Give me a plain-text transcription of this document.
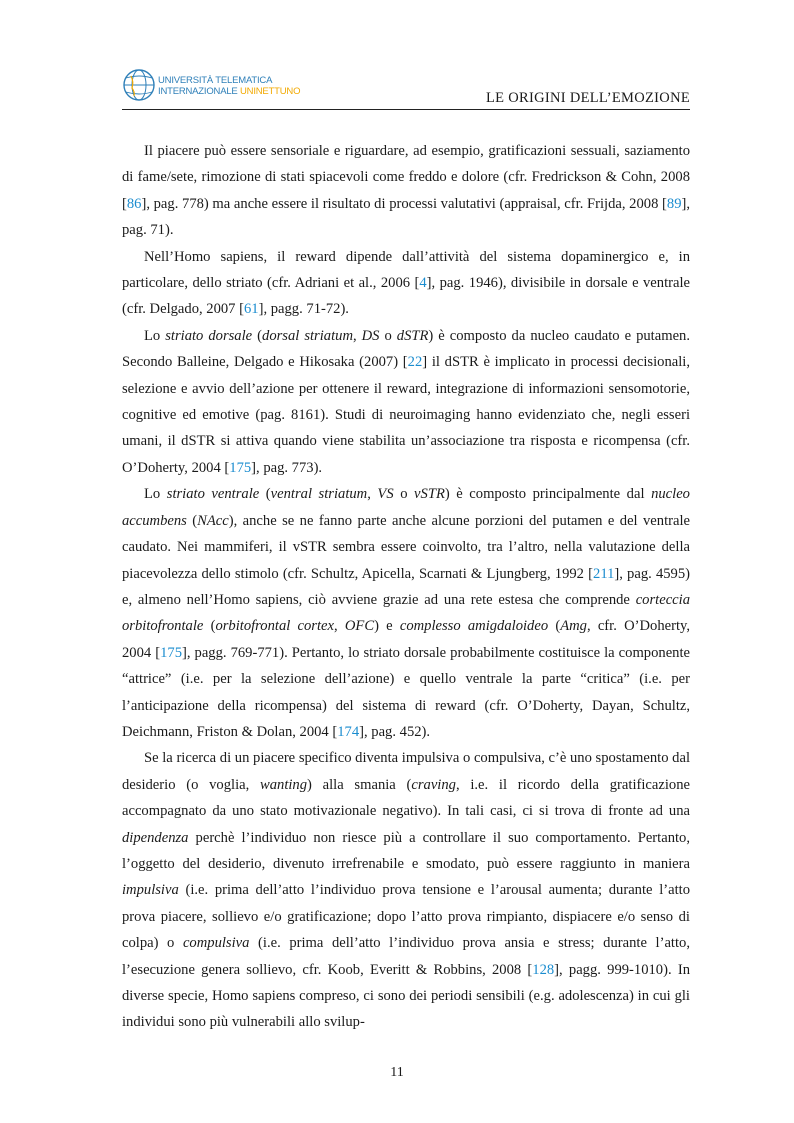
UNIVERSITÀ TELEMATICA
INTERNAZIONALE UNINETTUNO	LE ORIGINI DELL’EMOZIONE

Il piacere può essere sensoriale e riguardare, ad esempio, gratificazioni sessuali, saziamento di fame/sete, rimozione di stati spiacevoli come freddo e dolore (cfr. Fredrickson & Cohn, 2008 [86], pag. 778) ma anche essere il risultato di processi valutativi (appraisal, cfr. Frijda, 2008 [89], pag. 71).

Nell’Homo sapiens, il reward dipende dall’attività del sistema dopaminergico e, in particolare, dello striato (cfr. Adriani et al., 2006 [4], pag. 1946), divisibile in dorsale e ventrale (cfr. Delgado, 2007 [61], pagg. 71-72).

Lo striato dorsale (dorsal striatum, DS o dSTR) è composto da nucleo caudato e putamen. Secondo Balleine, Delgado e Hikosaka (2007) [22] il dSTR è implicato in processi decisionali, selezione e avvio dell’azione per ottenere il reward, integrazione di informazioni sensomotorie, cognitive ed emotive (pag. 8161). Studi di neuroimaging hanno evidenziato che, negli esseri umani, il dSTR si attiva quando viene stabilita un’associazione tra risposta e ricompensa (cfr. O’Doherty, 2004 [175], pag. 773).

Lo striato ventrale (ventral striatum, VS o vSTR) è composto principalmente dal nucleo accumbens (NAcc), anche se ne fanno parte anche alcune porzioni del putamen e del ventrale caudato. Nei mammiferi, il vSTR sembra essere coinvolto, tra l’altro, nella valutazione della piacevolezza dello stimolo (cfr. Schultz, Apicella, Scarnati & Ljungberg, 1992 [211], pag. 4595) e, almeno nell’Homo sapiens, ciò avviene grazie ad una rete estesa che comprende corteccia orbitofrontale (orbitofrontal cortex, OFC) e complesso amigdaloideo (Amg, cfr. O’Doherty, 2004 [175], pagg. 769-771). Pertanto, lo striato dorsale probabilmente costituisce la componente “attrice” (i.e. per la selezione dell’azione) e quello ventrale la parte “critica” (i.e. per l’anticipazione della ricompensa) del sistema di reward (cfr. O’Doherty, Dayan, Schultz, Deichmann, Friston & Dolan, 2004 [174], pag. 452).

Se la ricerca di un piacere specifico diventa impulsiva o compulsiva, c’è uno spostamento dal desiderio (o voglia, wanting) alla smania (craving, i.e. il ricordo della gratificazione accompagnato da uno stato motivazionale negativo). In tali casi, ci si trova di fronte ad una dipendenza perchè l’individuo non riesce più a controllare il suo comportamento. Pertanto, l’oggetto del desiderio, divenuto irrefrenabile e smodato, può essere raggiunto in maniera impulsiva (i.e. prima dell’atto l’individuo prova tensione e l’arousal aumenta; durante l’atto prova piacere, sollievo e/o gratificazione; dopo l’atto prova rimpianto, dispiacere e/o senso di colpa) o compulsiva (i.e. prima dell’atto l’individuo prova ansia e stress; durante l’atto, l’esecuzione genera sollievo, cfr. Koob, Everitt & Robbins, 2008 [128], pagg. 999-1010). In diverse specie, Homo sapiens compreso, ci sono dei periodi sensibili (e.g. adolescenza) in cui gli individui sono più vulnerabili allo svilup-

11
